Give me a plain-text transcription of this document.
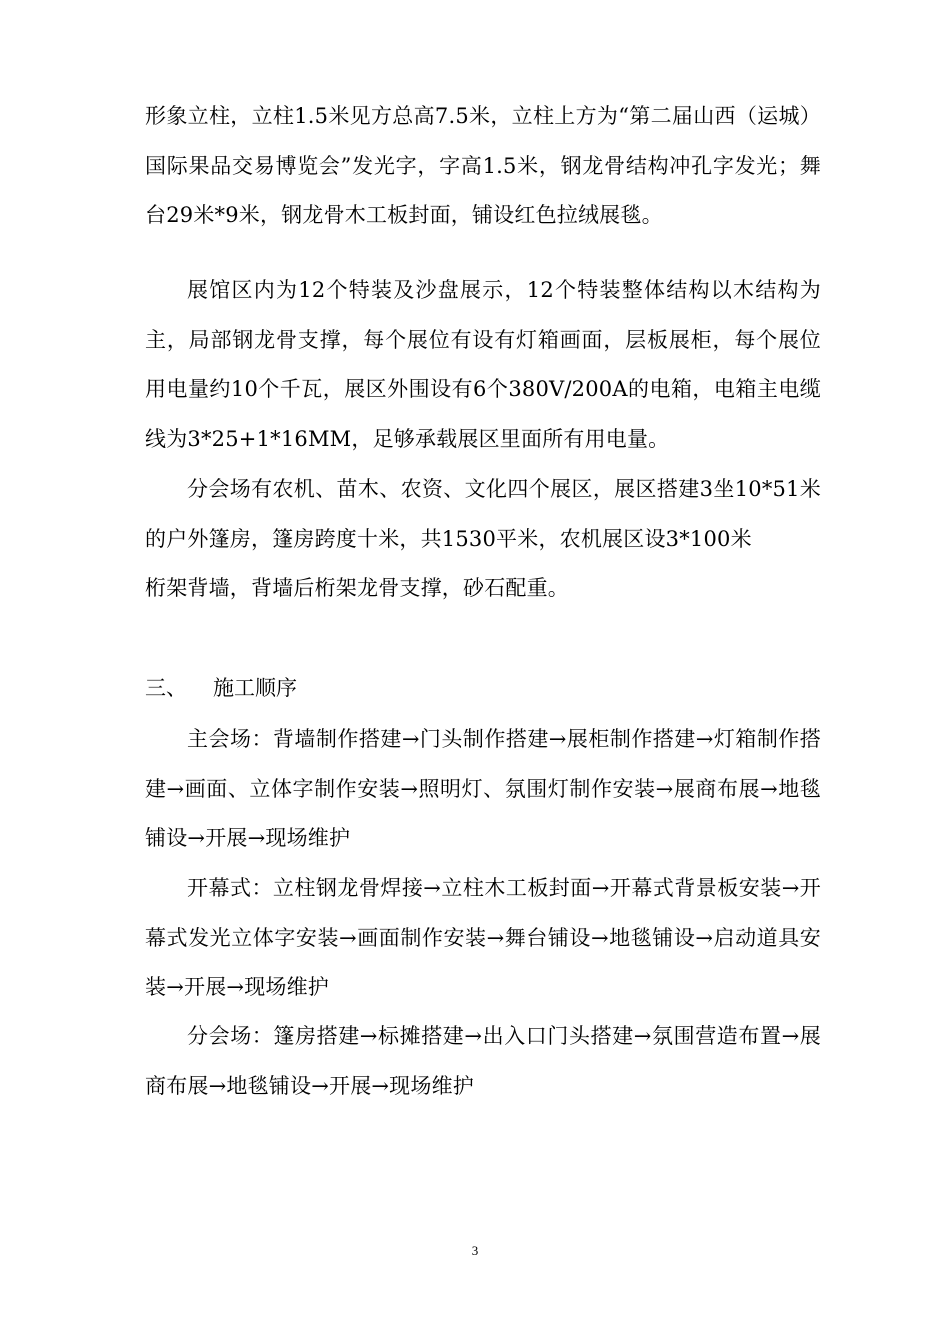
形象立柱，立柱1.5米见方总高7.5米，立柱上方为“第二届山西（运城）国际果品交易博览会”发光字，字高1.5米，钢龙骨结构冲孔字发光；舞台29米*9米，钢龙骨木工板封面，铺设红色拉绒展毯。

展馆区内为12个特装及沙盘展示，12个特装整体结构以木结构为主，局部钢龙骨支撑，每个展位有设有灯箱画面，层板展柜，每个展位用电量约10个千瓦，展区外围设有6个380V/200A的电箱，电箱主电缆线为3*25+1*16MM，足够承载展区里面所有用电量。

分会场有农机、苗木、农资、文化四个展区，展区搭建3坐10*51米的户外篷房，篷房跨度十米，共1530平米，农机展区设3*100米
桁架背墙，背墙后桁架龙骨支撑，砂石配重。
三、 施工顺序

主会场：背墙制作搭建→门头制作搭建→展柜制作搭建→灯箱制作搭建→画面、立体字制作安装→照明灯、氛围灯制作安装→展商布展→地毯铺设→开展→现场维护

开幕式：立柱钢龙骨焊接→立柱木工板封面→开幕式背景板安装→开幕式发光立体字安装→画面制作安装→舞台铺设→地毯铺设→启动道具安装→开展→现场维护

分会场：篷房搭建→标摊搭建→出入口门头搭建→氛围营造布置→展商布展→地毯铺设→开展→现场维护

3
